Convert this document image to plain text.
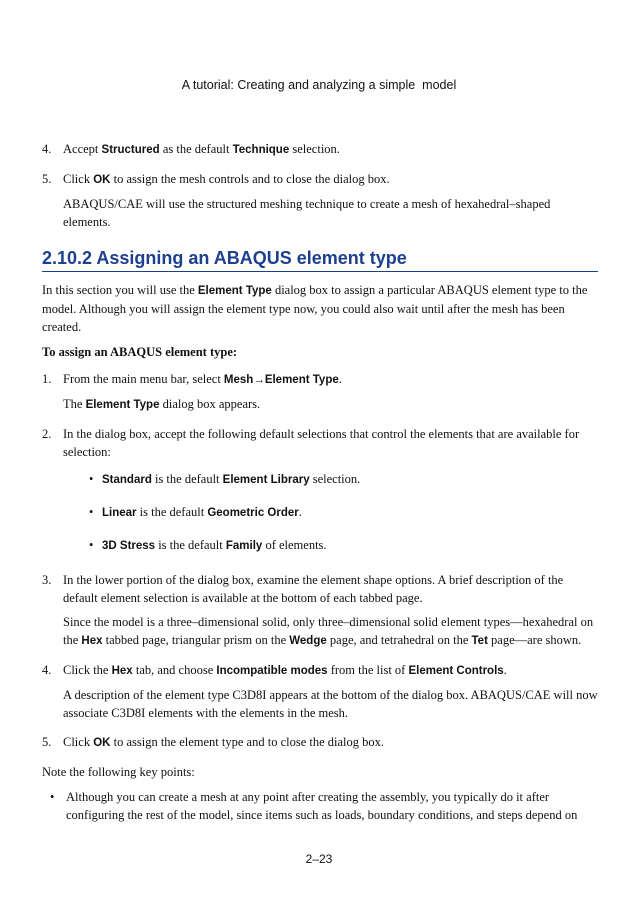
A tutorial: Creating and analyzing a simple  model
4. Accept Structured as the default Technique selection.

5. Click OK to assign the mesh controls and to close the dialog box.

ABAQUS/CAE will use the structured meshing technique to create a mesh of hexahedral–shaped elements.

2.10.2 Assigning an ABAQUS element type

In this section you will use the Element Type dialog box to assign a particular ABAQUS element type to the model. Although you will assign the element type now, you could also wait until after the mesh has been created.

To assign an ABAQUS element type:

1. From the main menu bar, select Mesh→Element Type.

The Element Type dialog box appears.

2. In the dialog box, accept the following default selections that control the elements that are available for selection:

• Standard is the default Element Library selection.
• Linear is the default Geometric Order.
• 3D Stress is the default Family of elements.
3. In the lower portion of the dialog box, examine the element shape options. A brief description of the default element selection is available at the bottom of each tabbed page.

Since the model is a three–dimensional solid, only three–dimensional solid element types––hexahedral on the Hex tabbed page, triangular prism on the Wedge page, and tetrahedral on the Tet page––are shown.

4. Click the Hex tab, and choose Incompatible modes from the list of Element Controls.

A description of the element type C3D8I appears at the bottom of the dialog box. ABAQUS/CAE will now associate C3D8I elements with the elements in the mesh.

5. Click OK to assign the element type and to close the dialog box.

Note the following key points:

• Although you can create a mesh at any point after creating the assembly, you typically do it after configuring the rest of the model, since items such as loads, boundary conditions, and steps depend on
2–23
